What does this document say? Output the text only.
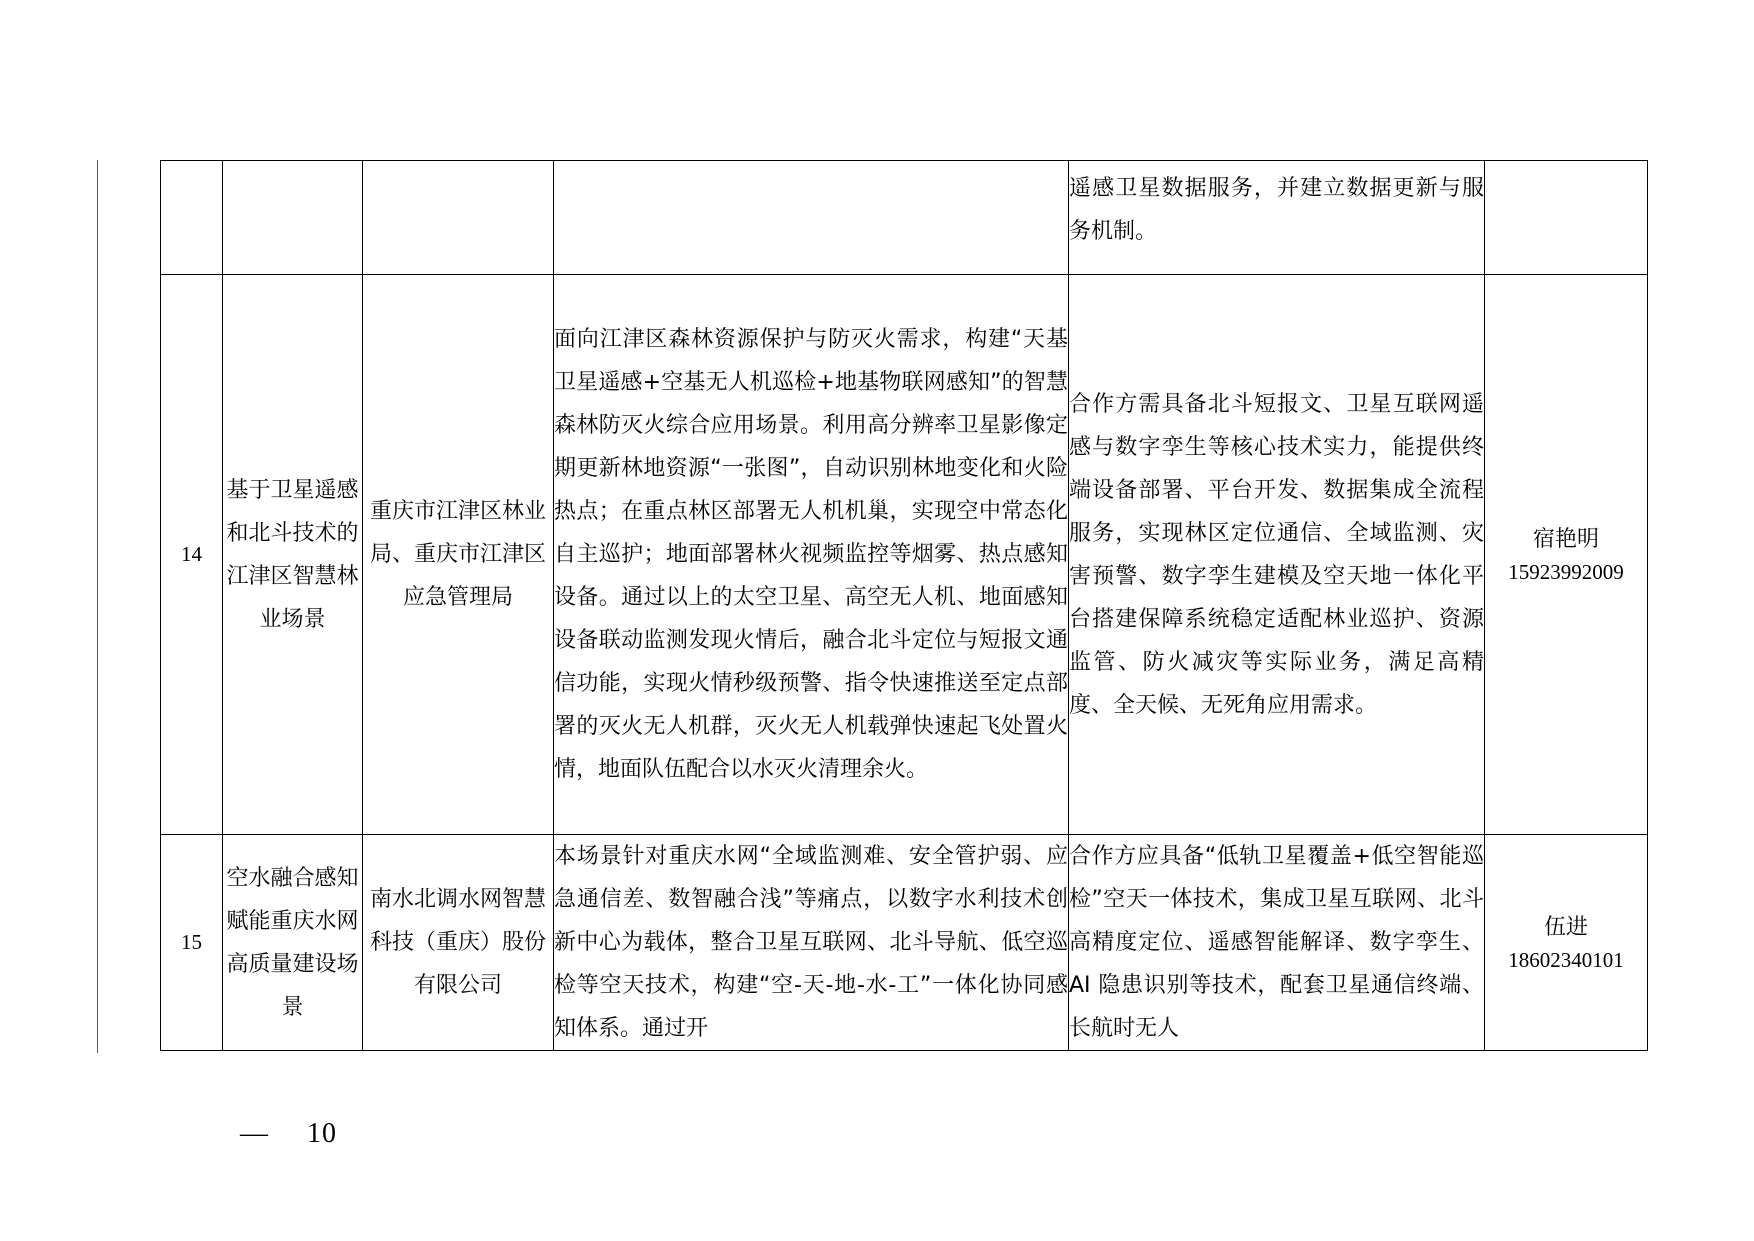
				遥感卫星数据服务，并建立数据更新与服务机制。	

14	基于卫星遥感和北斗技术的江津区智慧林业场景	重庆市江津区林业局、重庆市江津区应急管理局	面向江津区森林资源保护与防灭火需求，构建“天基卫星遥感+空基无人机巡检+地基物联网感知”的智慧森林防灭火综合应用场景。利用高分辨率卫星影像定期更新林地资源“一张图”，自动识别林地变化和火险热点；在重点林区部署无人机机巢，实现空中常态化自主巡护；地面部署林火视频监控等烟雾、热点感知设备。通过以上的太空卫星、高空无人机、地面感知设备联动监测发现火情后，融合北斗定位与短报文通信功能，实现火情秒级预警、指令快速推送至定点部署的灭火无人机群，灭火无人机载弹快速起飞处置火情，地面队伍配合以水灭火清理余火。	合作方需具备北斗短报文、卫星互联网遥感与数字孪生等核心技术实力，能提供终端设备部署、平台开发、数据集成全流程服务，实现林区定位通信、全域监测、灾害预警、数字孪生建模及空天地一体化平台搭建保障系统稳定适配林业巡护、资源监管、防火减灾等实际业务，满足高精度、全天候、无死角应用需求。	宿艳明
15923992009

15	空水融合感知赋能重庆水网高质量建设场景	南水北调水网智慧科技（重庆）股份有限公司	本场景针对重庆水网“全域监测难、安全管护弱、应急通信差、数智融合浅”等痛点，以数字水利技术创新中心为载体，整合卫星互联网、北斗导航、低空巡检等空天技术，构建“空-天-地-水-工”一体化协同感知体系。通过开	合作方应具备“低轨卫星覆盖+低空智能巡检”空天一体技术，集成卫星互联网、北斗高精度定位、遥感智能解译、数字孪生、AI 隐患识别等技术，配套卫星通信终端、长航时无人	伍进
18602340101
— 10
